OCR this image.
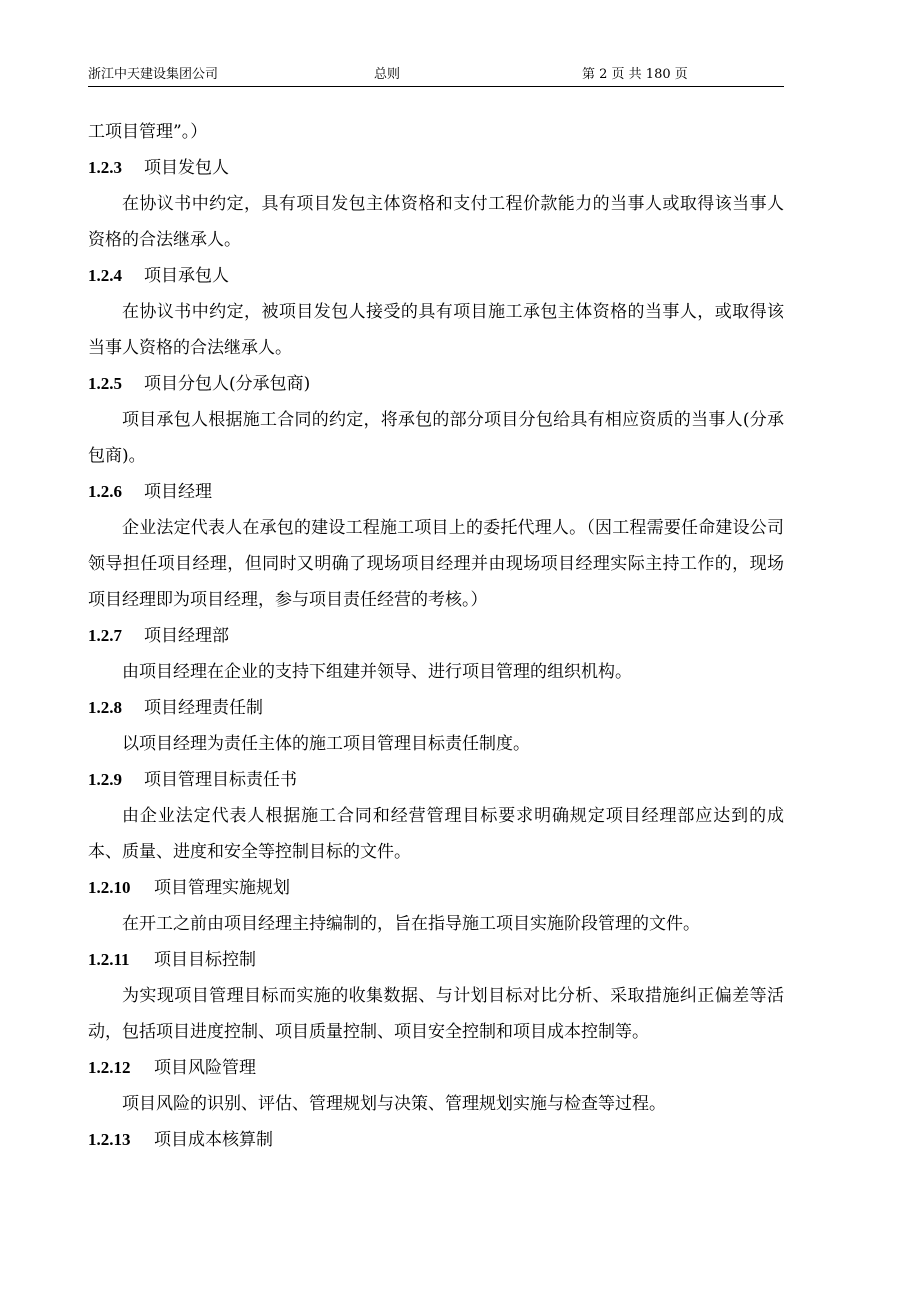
浙江中天建设集团公司	总则	第 2 页 共 180 页
工项目管理”。）
1.2.3 项目发包人

在协议书中约定，具有项目发包主体资格和支付工程价款能力的当事人或取得该当事人资格的合法继承人。

1.2.4 项目承包人

在协议书中约定，被项目发包人接受的具有项目施工承包主体资格的当事人，或取得该当事人资格的合法继承人。

1.2.5 项目分包人(分承包商)

项目承包人根据施工合同的约定，将承包的部分项目分包给具有相应资质的当事人(分承包商)。

1.2.6 项目经理

企业法定代表人在承包的建设工程施工项目上的委托代理人。（因工程需要任命建设公司领导担任项目经理，但同时又明确了现场项目经理并由现场项目经理实际主持工作的，现场项目经理即为项目经理，参与项目责任经营的考核。）

1.2.7 项目经理部

由项目经理在企业的支持下组建并领导、进行项目管理的组织机构。

1.2.8 项目经理责任制

以项目经理为责任主体的施工项目管理目标责任制度。

1.2.9 项目管理目标责任书

由企业法定代表人根据施工合同和经营管理目标要求明确规定项目经理部应达到的成本、质量、进度和安全等控制目标的文件。

1.2.10 项目管理实施规划

在开工之前由项目经理主持编制的，旨在指导施工项目实施阶段管理的文件。

1.2.11 项目目标控制

为实现项目管理目标而实施的收集数据、与计划目标对比分析、采取措施纠正偏差等活动，包括项目进度控制、项目质量控制、项目安全控制和项目成本控制等。

1.2.12 项目风险管理

项目风险的识别、评估、管理规划与决策、管理规划实施与检查等过程。

1.2.13 项目成本核算制
